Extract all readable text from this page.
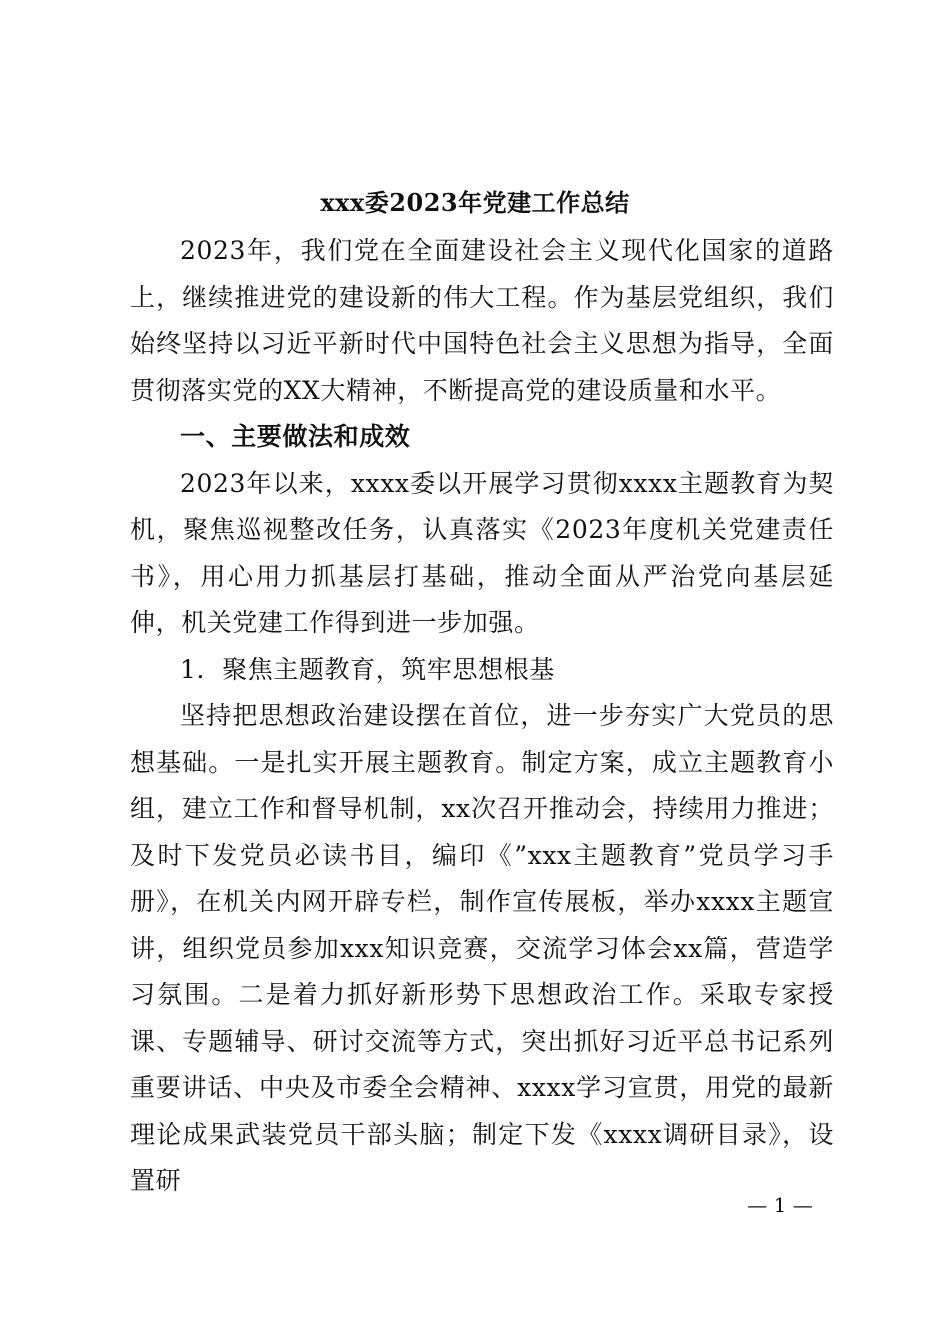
xxx委2023年党建工作总结

2023年，我们党在全面建设社会主义现代化国家的道路上，继续推进党的建设新的伟大工程。作为基层党组织，我们始终坚持以习近平新时代中国特色社会主义思想为指导，全面贯彻落实党的XX大精神，不断提高党的建设质量和水平。

一、主要做法和成效

2023年以来，xxxx委以开展学习贯彻xxxx主题教育为契机，聚焦巡视整改任务，认真落实《2023年度机关党建责任书》，用心用力抓基层打基础，推动全面从严治党向基层延伸，机关党建工作得到进一步加强。

1．聚焦主题教育，筑牢思想根基

坚持把思想政治建设摆在首位，进一步夯实广大党员的思想基础。一是扎实开展主题教育。制定方案，成立主题教育小组，建立工作和督导机制，xx次召开推动会，持续用力推进；及时下发党员必读书目，编印《”xxx主题教育”党员学习手册》，在机关内网开辟专栏，制作宣传展板，举办xxxx主题宣讲，组织党员参加xxx知识竞赛，交流学习体会xx篇，营造学习氛围。二是着力抓好新形势下思想政治工作。采取专家授课、专题辅导、研讨交流等方式，突出抓好习近平总书记系列重要讲话、中央及市委全会精神、xxxx学习宣贯，用党的最新理论成果武装党员干部头脑；制定下发《xxxx调研目录》，设置研

— 1 —
